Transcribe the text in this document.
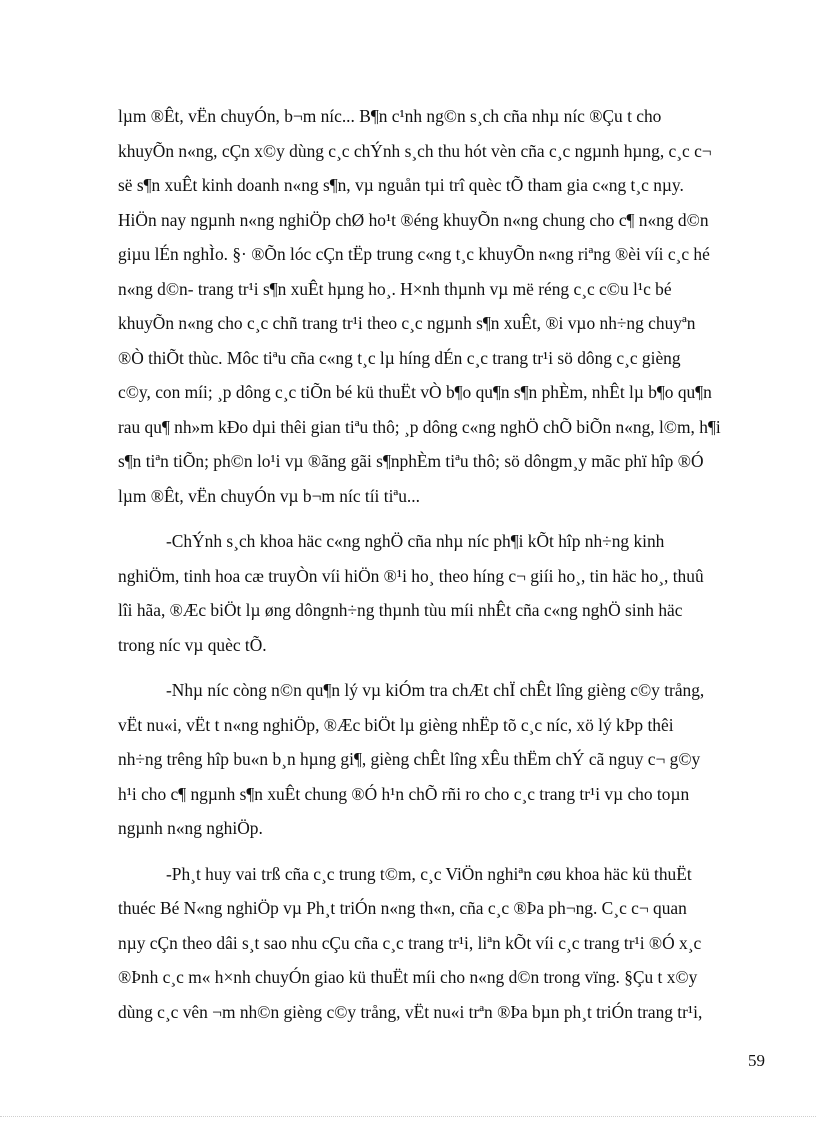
lµm ®Êt, vËn chuyÓn, b¬m níc... B¶n c¹nh ng©n s¸ch cña nhµ níc ®Çu t cho
khuyÕn n«ng, cÇn x©y dùng c¸c chÝnh s¸ch thu hót vèn cña c¸c ngµnh hµng, c¸c c¬
së s¶n xuÊt kinh doanh n«ng s¶n, vµ nguån tµi trî quèc tÕ tham gia c«ng t¸c nµy.
HiÖn nay ngµnh n«ng nghiÖp chØ ho¹t ®éng khuyÕn n«ng chung cho c¶ n«ng d©n
giµu lÉn nghÌo. §· ®Õn lóc cÇn tËp trung c«ng t¸c khuyÕn n«ng riªng ®èi víi c¸c hé
n«ng d©n- trang tr¹i s¶n xuÊt hµng ho¸. H×nh thµnh vµ më réng c¸c c©u l¹c bé
khuyÕn n«ng cho c¸c chñ trang tr¹i theo c¸c ngµnh s¶n xuÊt, ®i vµo nh÷ng chuyªn
®Ò thiÕt thùc. Môc tiªu cña c«ng t¸c lµ híng dÉn c¸c trang tr¹i sö dông c¸c gièng
c©y, con míi; ¸p dông c¸c tiÕn bé kü thuËt vÒ b¶o qu¶n s¶n phÈm, nhÊt lµ b¶o qu¶n
rau qu¶ nh»m kÐo dµi thêi gian tiªu thô; ¸p dông c«ng nghÖ chÕ biÕn n«ng, l©m, h¶i
s¶n tiªn tiÕn; ph©n lo¹i vµ ®ãng gãi s¶nphÈm tiªu thô; sö dôngm¸y mãc phï hîp ®Ó
lµm ®Êt, vËn chuyÓn vµ b¬m níc tíi tiªu...
-ChÝnh s¸ch khoa häc c«ng nghÖ cña nhµ níc ph¶i kÕt hîp nh÷ng kinh
nghiÖm, tinh hoa cæ truyÒn víi hiÖn ®¹i ho¸ theo híng c¬ giíi ho¸, tin häc ho¸, thuû
lîi hãa, ®Æc biÖt lµ øng dôngnh÷ng thµnh tùu míi nhÊt cña c«ng nghÖ sinh häc
trong níc vµ quèc tÕ.
-Nhµ níc còng n©n qu¶n lý vµ kiÓm tra chÆt chÏ chÊt lîng gièng c©y trång,
vËt nu«i, vËt t n«ng nghiÖp, ®Æc biÖt lµ gièng nhËp tõ c¸c níc, xö lý kÞp thêi
nh÷ng trêng hîp bu«n b¸n hµng gi¶, gièng chÊt lîng xÊu thËm chÝ cã nguy c¬ g©y
h¹i cho c¶ ngµnh s¶n xuÊt chung ®Ó h¹n chÕ rñi ro cho c¸c trang tr¹i vµ cho toµn
ngµnh n«ng nghiÖp.
-Ph¸t huy vai trß cña c¸c trung t©m, c¸c ViÖn nghiªn cøu khoa häc kü thuËt
thuéc Bé N«ng nghiÖp vµ Ph¸t triÓn n«ng th«n, cña c¸c ®Þa ph¬ng. C¸c c¬ quan
nµy cÇn theo dâi s¸t sao nhu cÇu cña c¸c trang tr¹i, liªn kÕt víi c¸c trang tr¹i ®Ó x¸c
®Þnh c¸c m« h×nh chuyÓn giao kü thuËt míi cho n«ng d©n trong vïng. §Çu t x©y
dùng c¸c vên ¬m nh©n gièng c©y trång, vËt nu«i trªn ®Þa bµn ph¸t triÓn trang tr¹i,
59
